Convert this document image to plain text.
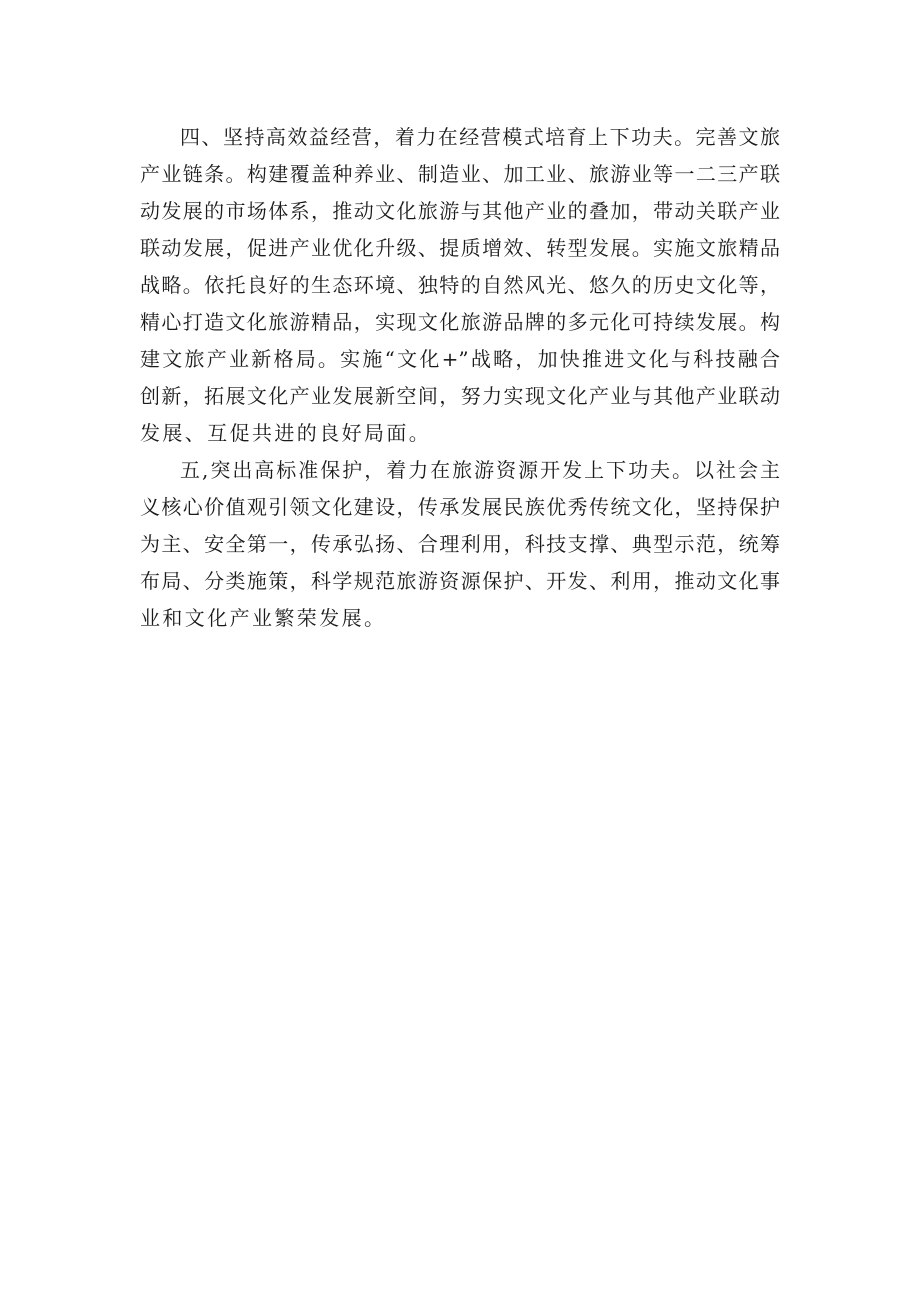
四、坚持高效益经营，着力在经营模式培育上下功夫。完善文旅
产业链条。构建覆盖种养业、制造业、加工业、旅游业等一二三产联
动发展的市场体系，推动文化旅游与其他产业的叠加，带动关联产业
联动发展，促进产业优化升级、提质增效、转型发展。实施文旅精品
战略。依托良好的生态环境、独特的自然风光、悠久的历史文化等，
精心打造文化旅游精品，实现文化旅游品牌的多元化可持续发展。构
建文旅产业新格局。实施“文化+”战略，加快推进文化与科技融合
创新，拓展文化产业发展新空间，努力实现文化产业与其他产业联动
发展、互促共进的良好局面。
五,突出高标准保护，着力在旅游资源开发上下功夫。以社会主
义核心价值观引领文化建设，传承发展民族优秀传统文化，坚持保护
为主、安全第一，传承弘扬、合理利用，科技支撑、典型示范，统筹
布局、分类施策，科学规范旅游资源保护、开发、利用，推动文化事
业和文化产业繁荣发展。
